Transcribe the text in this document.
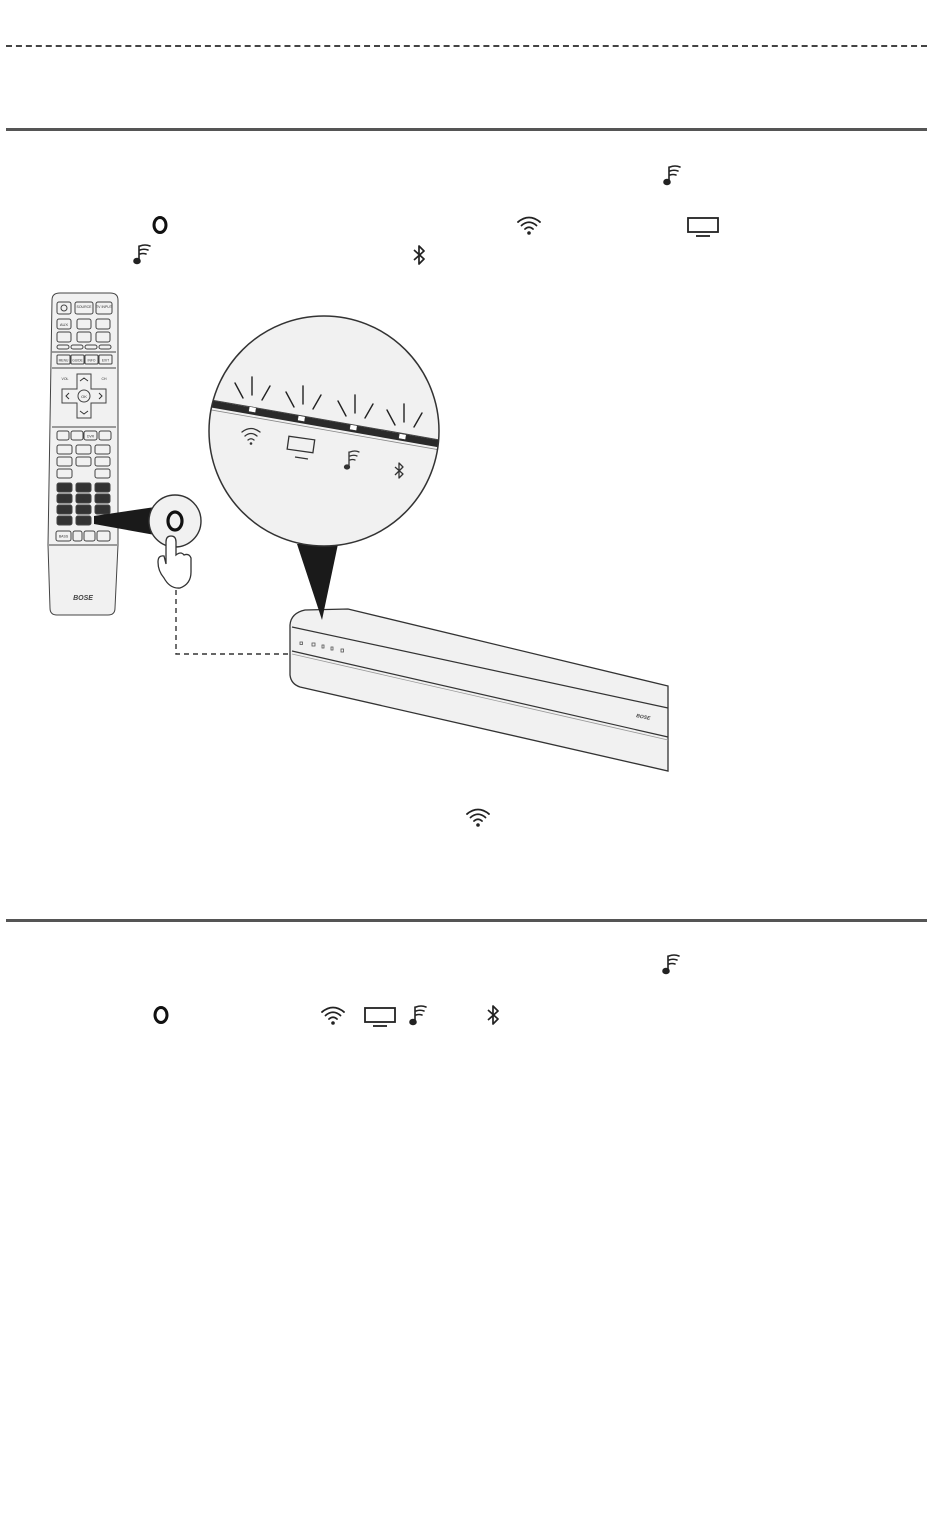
SOURCE TV INPUT
AUX
MENU GUIDE INFO EXIT
OK
VOL	CH
DVR
1	2	3
4	5	6
7	8	9
0
BASS
BOSE
BOSE
